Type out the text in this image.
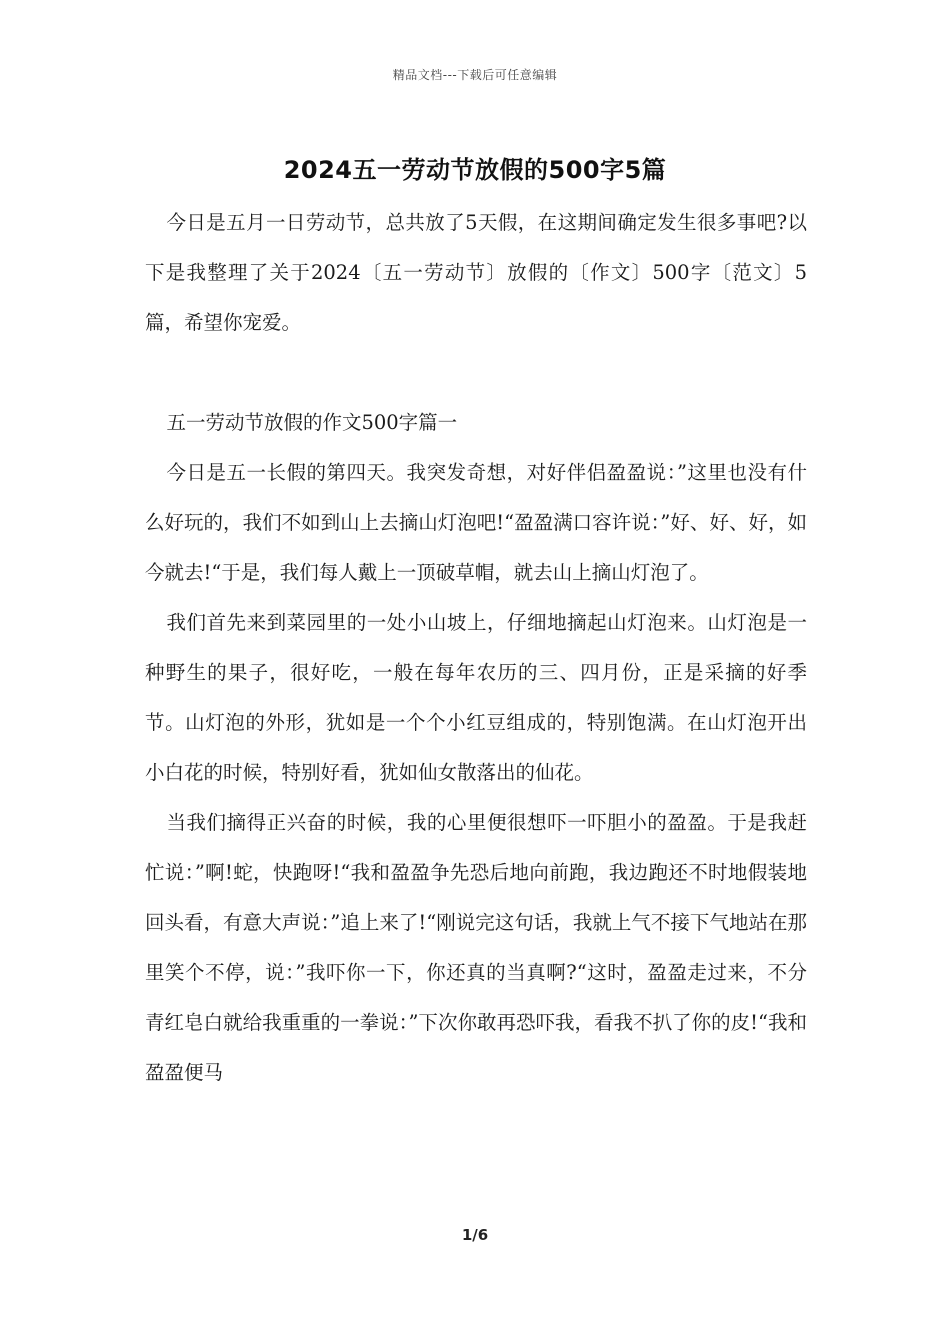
精品文档---下载后可任意编辑
2024五一劳动节放假的500字5篇

今日是五月一日劳动节，总共放了5天假，在这期间确定发生很多事吧?以下是我整理了关于2024〔五一劳动节〕放假的〔作文〕500字〔范文〕5篇，希望你宠爱。

五一劳动节放假的作文500字篇一

今日是五一长假的第四天。我突发奇想，对好伴侣盈盈说：”这里也没有什么好玩的，我们不如到山上去摘山灯泡吧!“盈盈满口容许说：”好、好、好，如今就去!“于是，我们每人戴上一顶破草帽，就去山上摘山灯泡了。

我们首先来到菜园里的一处小山坡上，仔细地摘起山灯泡来。山灯泡是一种野生的果子，很好吃，一般在每年农历的三、四月份，正是采摘的好季节。山灯泡的外形，犹如是一个个小红豆组成的，特别饱满。在山灯泡开出小白花的时候，特别好看，犹如仙女散落出的仙花。

当我们摘得正兴奋的时候，我的心里便很想吓一吓胆小的盈盈。于是我赶忙说：”啊!蛇，快跑呀!“我和盈盈争先恐后地向前跑，我边跑还不时地假装地回头看，有意大声说：”追上来了!“刚说完这句话，我就上气不接下气地站在那里笑个不停，说：”我吓你一下，你还真的当真啊?“这时，盈盈走过来，不分青红皂白就给我重重的一拳说：”下次你敢再恐吓我，看我不扒了你的皮!“我和盈盈便马

1/6
